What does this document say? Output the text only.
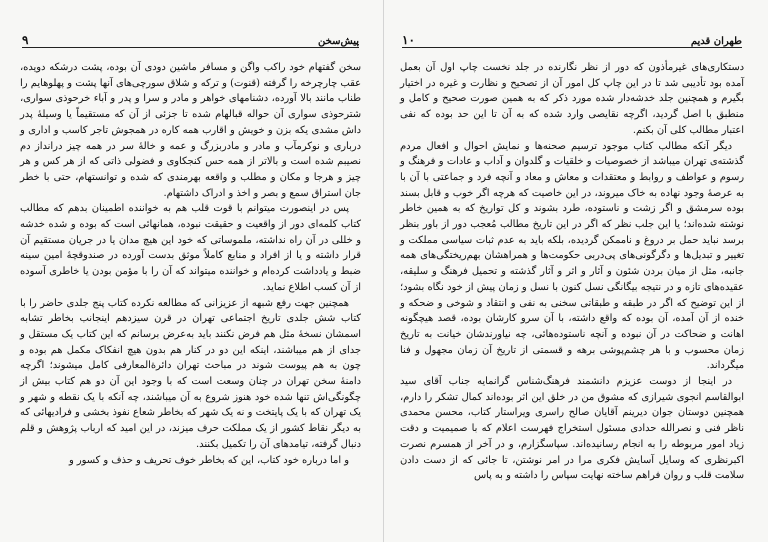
۹	پیش‌سخن

سخن گفتهام خود راکب واگن و مسافر ماشین دودی آن بوده، پشت درشکه دویده، عقب چارچرخه را گرفته (قنوت) و ترکه و شلاق سورچی‌های آنها پشت و پهلوهایم را طناب مانند بالا آورده، دشنامهای خواهر و مادر و سرا و پدر و آباء خرحوذی سواری، شترحوذی سواری آن حواله قبالهام شده تا جزئی از آن که مستقیماً یا وسیلهٔ پدر داش مشدی یکه بزن و خویش و اقارب همه کاره در همجوش تاجر کاسب و اداری و درباری و نوکرمآب و مادر و مادربزرگ و عمه و خالهٔ سر در همه چیز درانداز دم نصیبم شده است و بالاتر از همه حس کنجکاوی و فضولی ذاتی که از هر کس و هر چیز و هرجا و مکان و مطلب و واقعه بهرمندی که شده و توانستهام، حتی با خطر جان استراق سمع و بصر و اخذ و ادراک داشتهام.

پس در اینصورت میتوانم با قوت قلب هم به خواننده اطمینان بدهم که مطالب کتاب کلمه‌ای دور از واقعیت و حقیقت نبوده، همانهائی است که بوده و شده خدشه و خللی در آن راه نداشته، ملموساتی که خود این هیچ مدان یا در جریان مستقیم آن قرار داشته و یا از افراد و منابع کاملاً موثق بدست آورده در صندوقچهٔ امین سینه ضبط و یادداشت کرده‌ام و خواننده میتواند که آن را با مؤمن بودن یا خاطری آسوده از آن کسب اطلاع نماید.

همچنین جهت رفع شبهه از عزیزانی که مطالعه نکرده کتاب پنج جلدی حاضر را با کتاب شش جلدی تاریخ اجتماعی تهران در قرن سیزدهم اینجانب بخاطر تشابه اسمشان نسخهٔ مثل هم فرض نکنند باید به‌عرض برسانم که این کتاب یک مستقل و جدای از هم میباشند، اینکه این دو در کنار هم بدون هیچ انفکاک مکمل هم بوده و چون به هم پیوست شوند در مباحث تهران دائرةالمعارفی کامل میشوند؛ اگرچه دامنهٔ سخن تهران در چنان وسعت است که با وجود این آن دو هم کتاب بیش از چگونگی‌اش تنها شده خود هنوز شروع به آن میباشند، چه آنکه با یک نقطه و شهر و یک تهران که با یک پایتخت و نه یک شهر که بخاطر شعاع نفوذ بخشی و فرادیهائی که به دیگر نقاط کشور از یک مملکت حرف میزند، در این امید که ارباب پژوهش و قلم دنبال گرفته، تیامدهای آن را تکمیل بکنند.

و اما درباره خود کتاب، این که بخاطر خوف تحریف و حذف و کسور و

۱۰	طهران قدیم

دستکاری‌های غیرمأذون که دور از نظر نگارنده در جلد نخست چاپ اول آن بعمل آمده بود تأدیبی شد تا در این چاپ کل امور آن از تصحیح و نظارت و غیره در اختیار بگیرم و همچنین جلد خدشه‌دار شده مورد ذکر که به همین صورت صحیح و کامل و منطبق با اصل گردید، اگرچه نقایصی وارد شده که به آن تا این حد بوده که نفی اعتبار مطالب کلی آن بکنم.

دیگر آنکه مطالب کتاب موجود ترسیم صحنه‌ها و نمایش احوال و افعال مردم گذشته‌ی تهران میباشد از خصوصیات و خلقیات و گلدوان و آداب و عادات و فرهنگ و رسوم و عواطف و روابط و معتقدات و معاش و معاد و آنچه فرد و جماعتی با آن با به عرصهٔ وجود نهاده به خاک میروند، در این خاصیت که هرچه اگر خوب و قابل بسند بوده سرمشق و اگر زشت و ناستوده، طرد بشوند و کل تواریخ که به همین خاطر نوشته شده‌اند؛ یا این جلب نظر که اگر در این تاریخ مطالب مُعجب دور از باور بنظر برسد نباید حمل بر دروغ و ناممکن گردیده، بلکه باید به عدم ثبات سیاسی مملکت و تغییر و تبدیل‌ها و دگرگونی‌های پی‌دربی حکومت‌ها و همراهشان بهم‌ریختگی‌های همه جانبه، مثل از میان بردن شئون و آثار و اثر و آثار گذشته و تحمیل فرهنگ و سلیقه، عقیده‌های تازه و در نتیجه بیگانگی نسل کنون با نسل و زمان پیش از خود نگاه بشود؛ از این توضیح که اگر در طبقه و طبقاتی سخنی به نفی و انتقاد و شوخی و ضحکه و خنده از آن آمده، آن بوده که واقع داشته، با آن سرو کارشان بوده، قصد هیچگونه اهانت و ضحاکت در آن نبوده و آنچه ناستوده‌هائی، چه نیاورندشان خیانت به تاریخ زمان محسوب و با هر چشم‌پوشی برهه و قسمتی از تاریخ آن زمان مجهول و فنا میگرداند.

در اینجا از دوست عزیزم دانشمند فرهنگ‌شناس گرانمایه جناب آقای سید ابوالقاسم انجوی شیرازی که مشوق من در خلق این اثر بوده‌اند کمال تشکر را دارم، همچنین دوستان جوان دیرینم آقایان صالح راسری ویراستار کتاب، محسن محمدی ناظر فنی و نصرالله حدادی مسئول استخراج فهرست اعلام که با صمیمیت و دقت زیاد امور مربوطه را به انجام رسانیده‌اند. سپاسگزارم، و در آخر از همسرم نصرت اکبرنظری که وسایل آسایش فکری مرا در امر نوشتن، تا جائی که از دست دادن سلامت قلب و روان فراهم ساخته نهایت سپاس را داشته و به پاس
